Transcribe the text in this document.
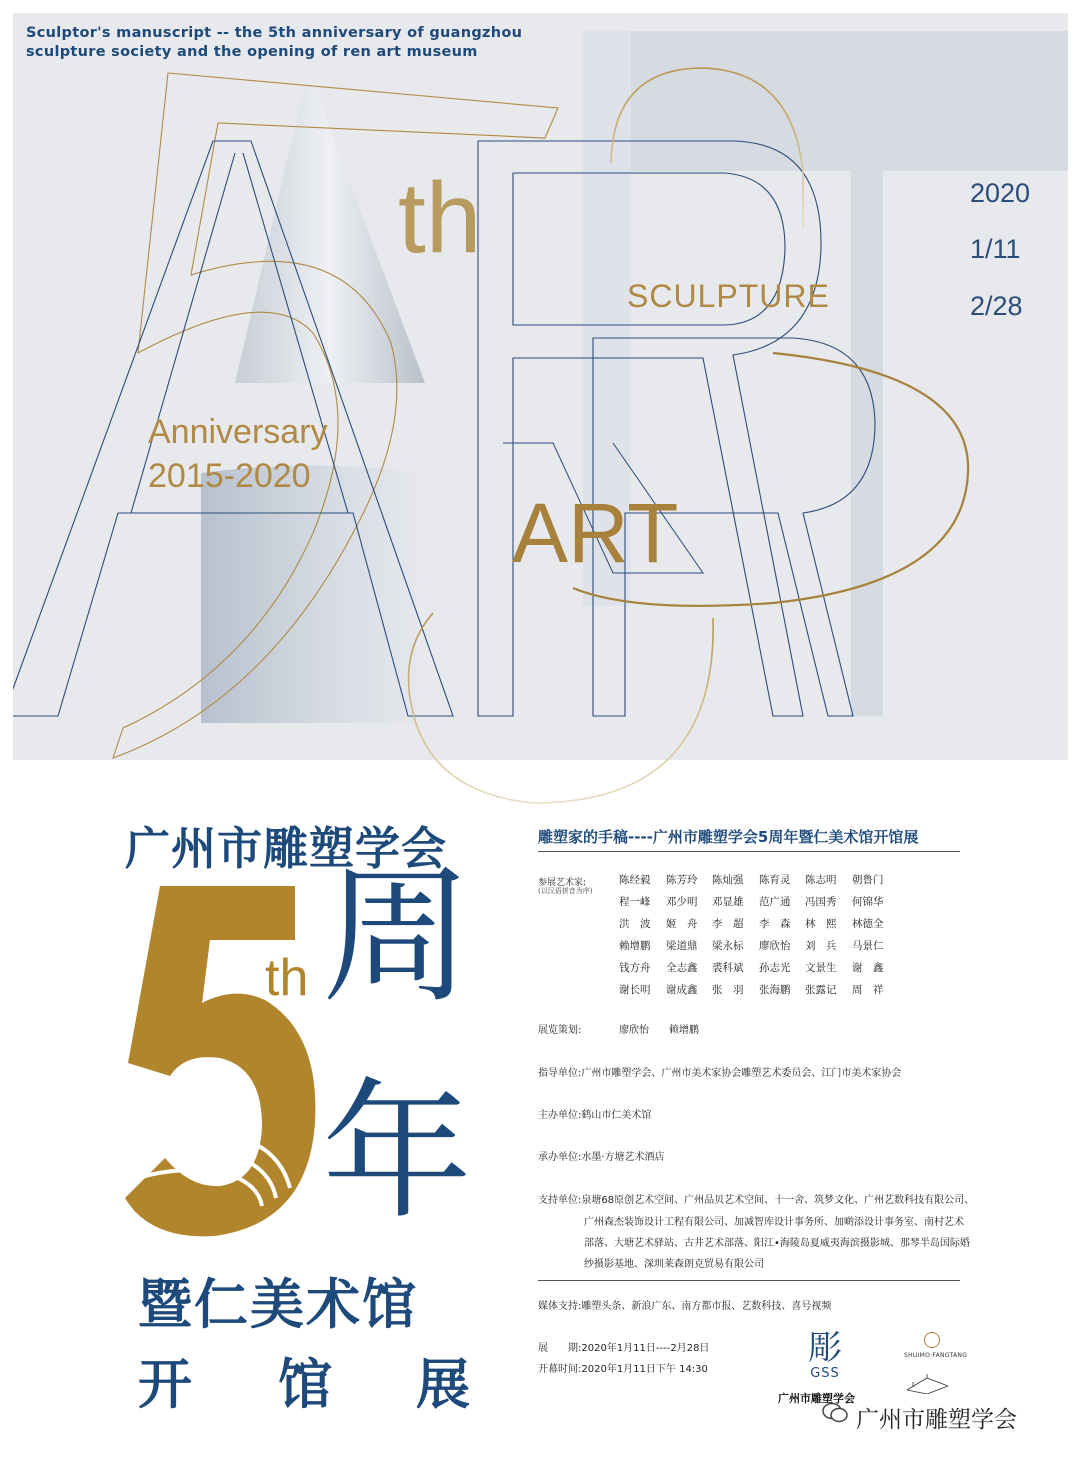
Sculptor's manuscript -- the 5th anniversary of guangzhou
sculpture society and the opening of ren art museum
2020
1/11
2/28
th
SCULPTURE
Anniversary
2015-2020
ART
广州市雕塑学会
th 周
年
暨仁美术馆
开 馆 展
雕塑家的手稿----广州市雕塑学会5周年暨仁美术馆开馆展
参展艺术家:
(以汉语拼音为序)
陈经毅 陈芳玲 陈灿强 陈育灵 陈志明 朝鲁门
程一峰 邓少明 邓显雄 范广通 冯国秀 何锦华
洪　波 姬　舟 李　超 李　森 林　熙 林德全
赖增鹏 梁道鼎 梁永标 廖欣怡 刘　兵 马景仁
钱方舟 全志鑫 裘科斌 孙志光 文景生 谢　鑫
谢长明 谢成鑫 张　羽 张海鹏 张露记 周　祥
展览策划:	廖欣怡　　赖增鹏
指导单位:广州市雕塑学会、广州市美术家协会雕塑艺术委员会、江门市美术家协会
主办单位:鹤山市仁美术馆
承办单位:水墨·方塘艺术酒店
支持单位:泉塘68原创艺术空间、广州品贝艺术空间、十一舍、筑梦文化、广州艺数科技有限公司、
广州森杰装饰设计工程有限公司、加减智库设计事务所、加啲添设计事务室、南村艺术
部落、大塘艺术驿站、古井艺术部落、阳江•海陵岛夏威夷海滨摄影城、那琴半岛国际婚
纱摄影基地、深圳莱森朗克贸易有限公司
媒体支持:雕塑头条、新浪广东、南方都市报、艺数科技、喜号视频
展　　期:2020年1月11日----2月28日
开幕时间:2020年1月11日下午 14:30
彫
GSS
广州市雕塑学会
SHUIMO·FANGTANG
广州市雕塑学会
